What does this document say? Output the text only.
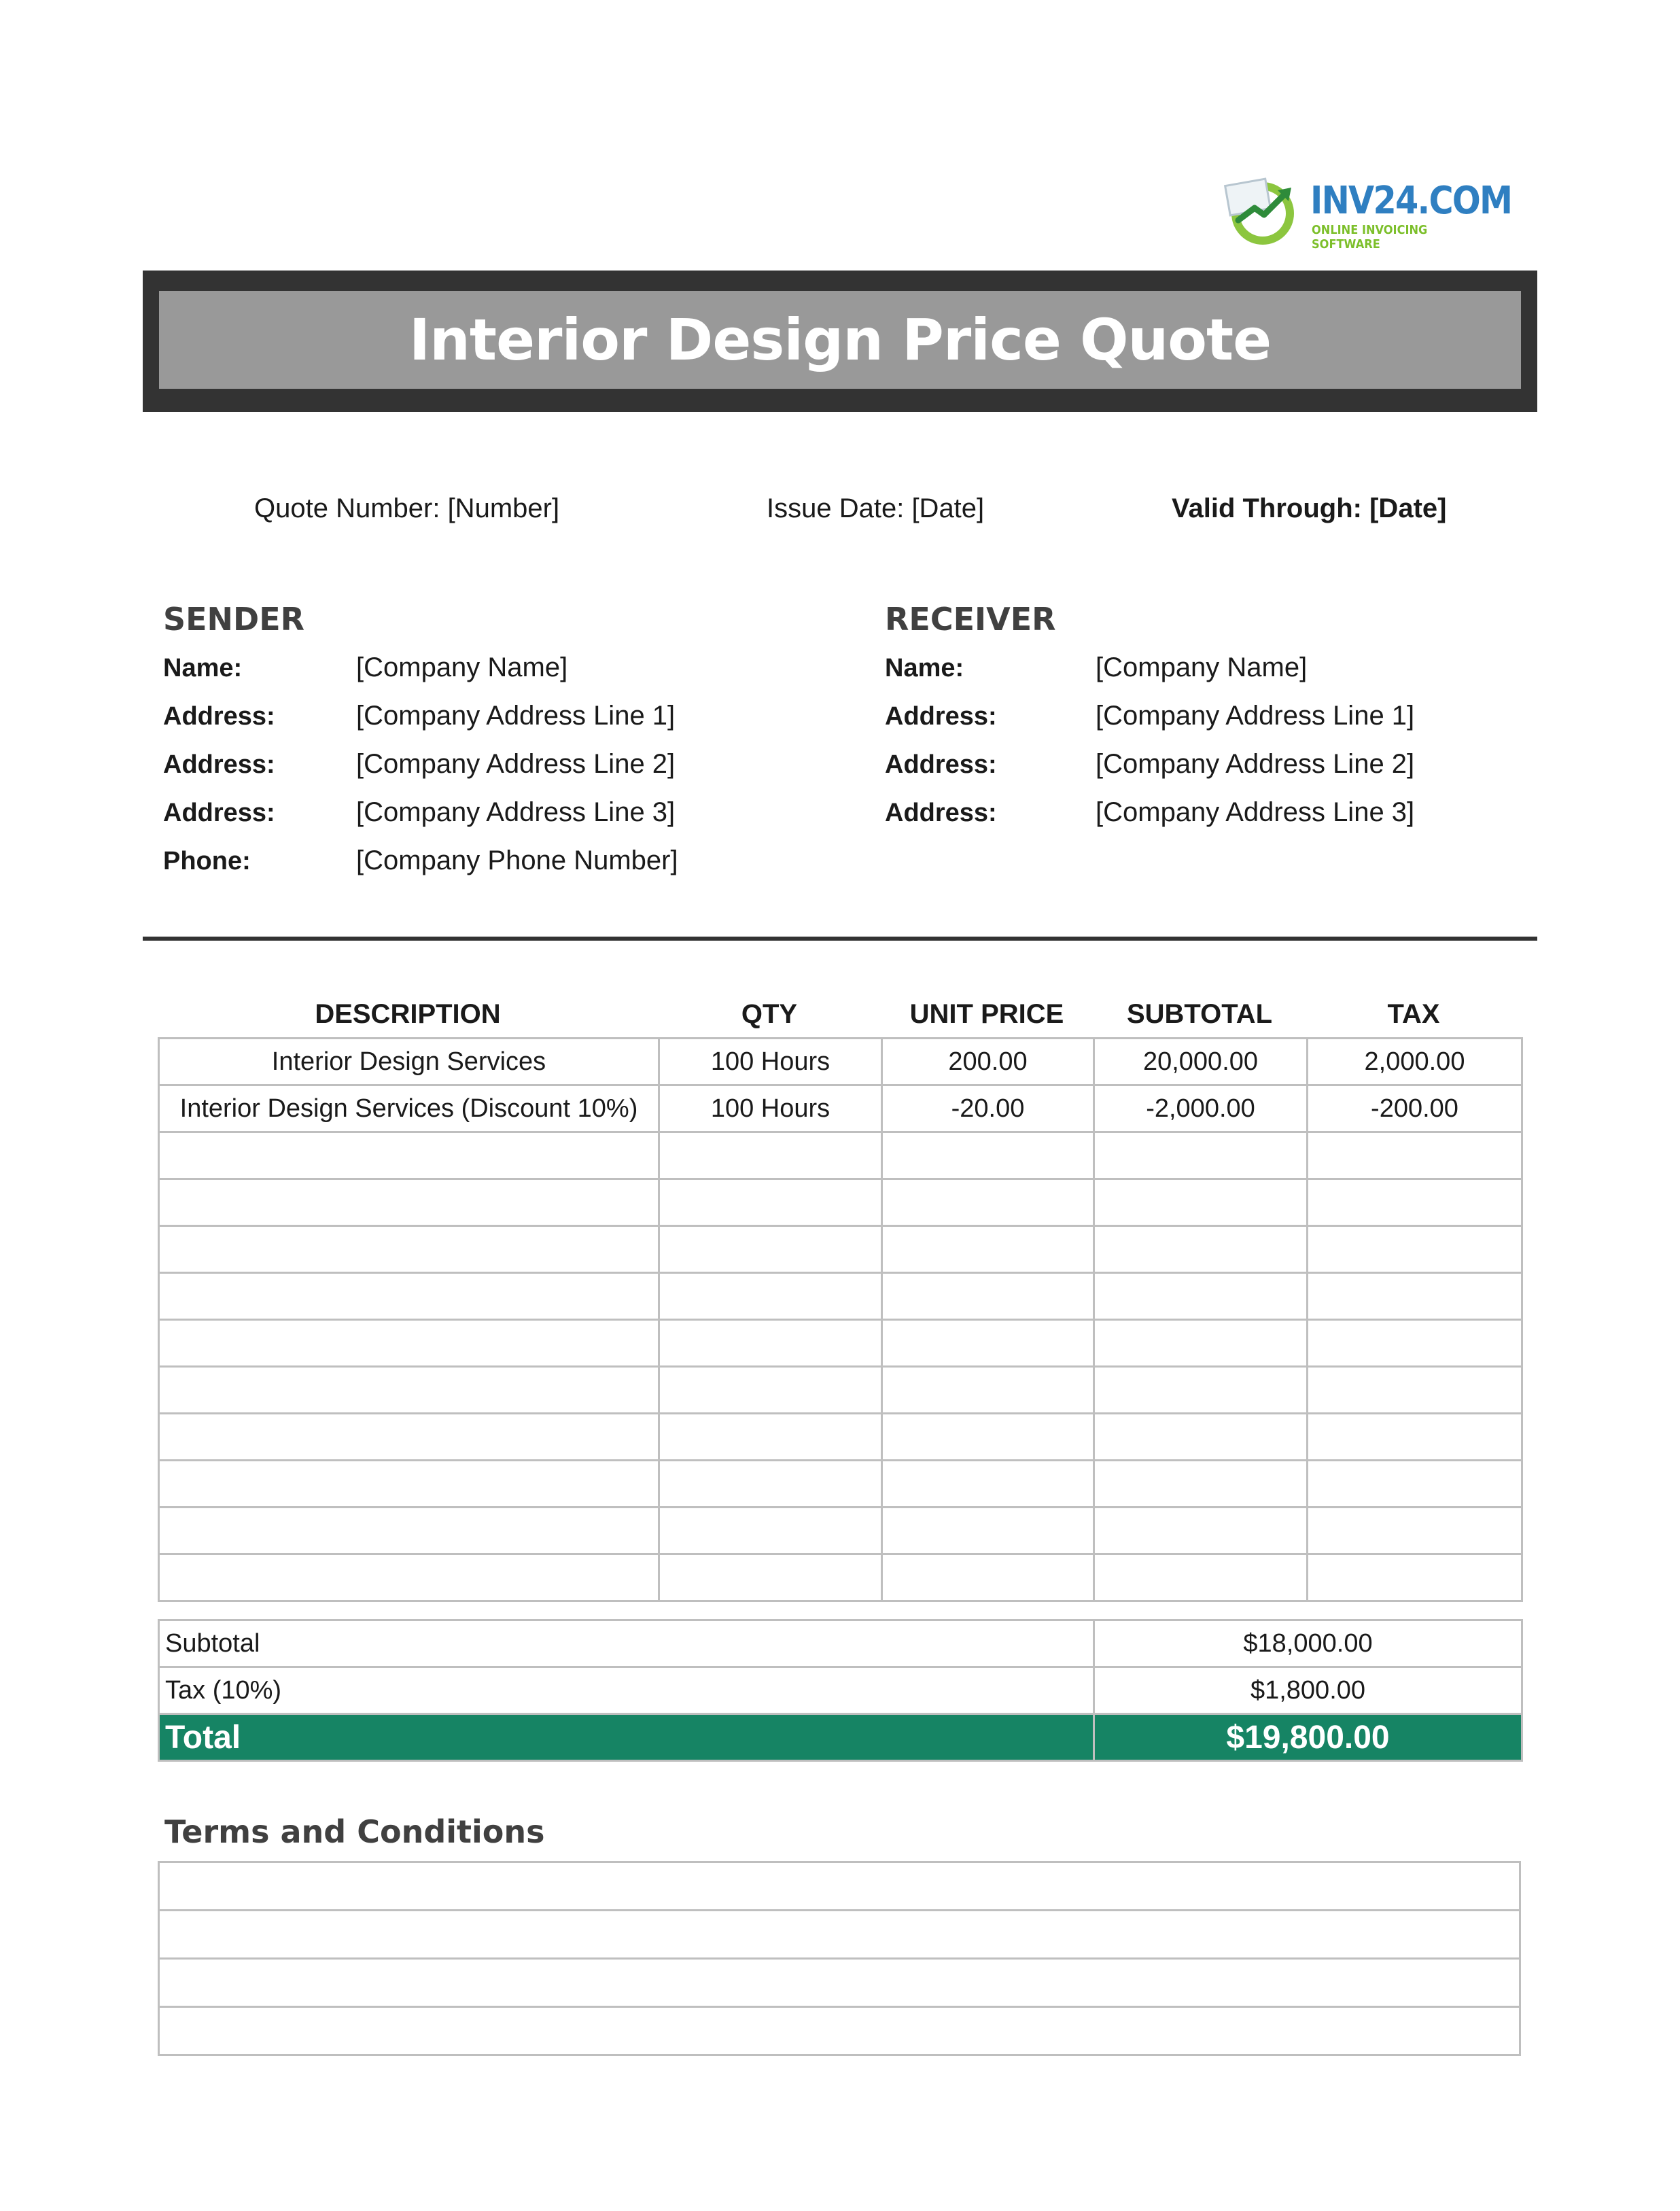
INV24.COM
ONLINE INVOICING SOFTWARE
Interior Design Price Quote
Quote Number: [Number]	Issue Date: [Date]	Valid Through: [Date]
SENDER
Name:	[Company Name]
Address:	[Company Address Line 1]
Address:	[Company Address Line 2]
Address:	[Company Address Line 3]
Phone:	[Company Phone Number]
RECEIVER
Name:	[Company Name]
Address:	[Company Address Line 1]
Address:	[Company Address Line 2]
Address:	[Company Address Line 3]
DESCRIPTION	QTY	UNIT PRICE	SUBTOTAL	TAX
Interior Design Services	100 Hours	200.00	20,000.00	2,000.00
Interior Design Services (Discount 10%)	100 Hours	-20.00	-2,000.00	-200.00

Subtotal	$18,000.00
Tax (10%)	$1,800.00
Total	$19,800.00
Terms and Conditions
